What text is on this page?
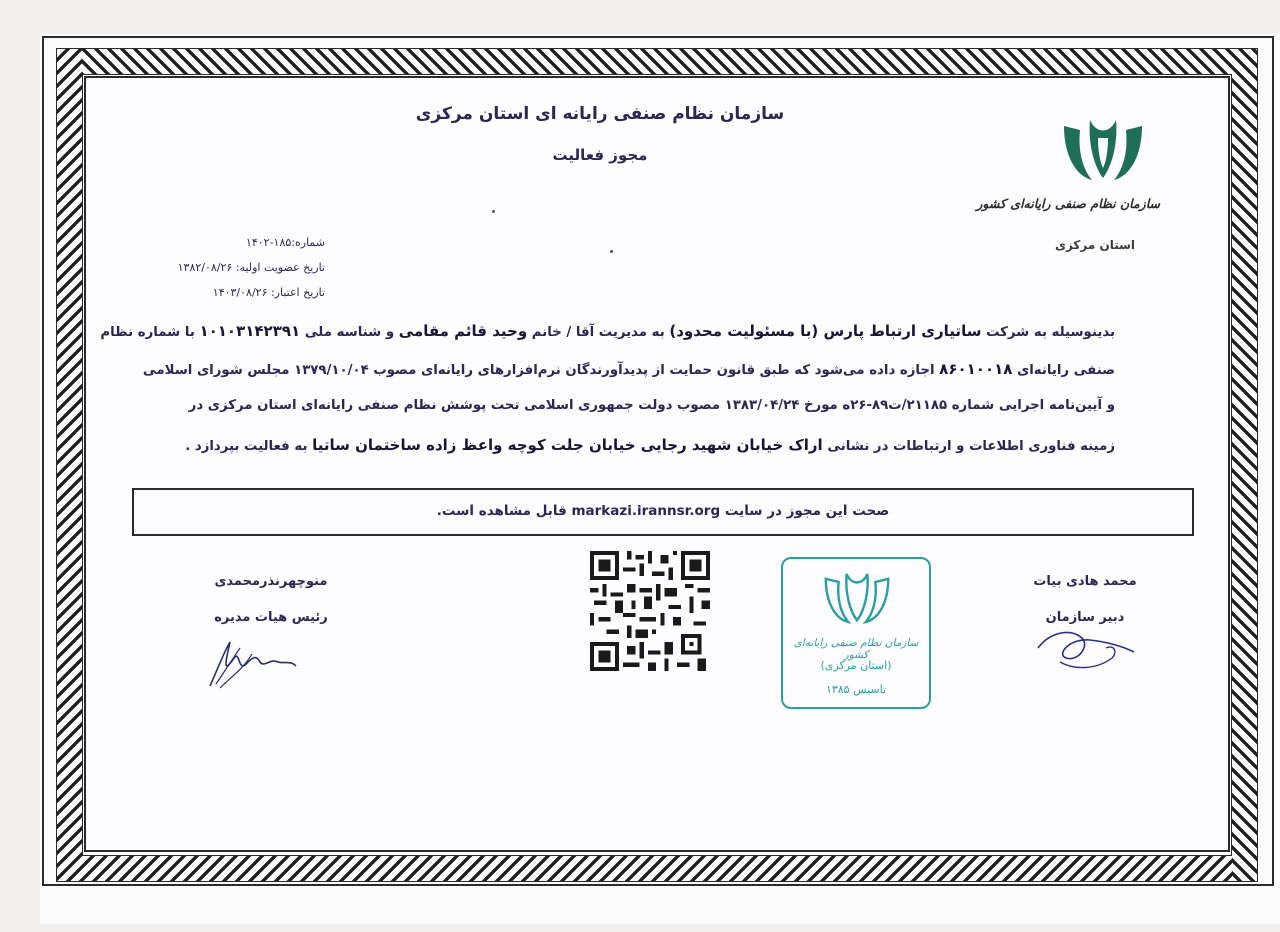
سازمان نظام صنفی رایانه ای استان مرکزی
مجوز فعالیت
سازمان نظام صنفی رایانه‌ای کشور
استان مرکزی
شماره:۱۸۵-۱۴۰۲
تاریخ عضویت اولیه: ۱۳۸۲/۰۸/۲۶
تاریخ اعتبار: ۱۴۰۳/۰۸/۲۶
بدینوسیله به شرکت ساتیاری ارتباط پارس (با مسئولیت محدود) به مدیریت آقا / خانم وحید قائم مقامی و شناسه ملی ۱۰۱۰۳۱۴۲۳۹۱ با شماره نظام
صنفی رایانه‌ای ۸۶۰۱۰۰۱۸ اجازه داده می‌شود که طبق قانون حمایت از پدیدآورندگان نرم‌افزارهای رایانه‌ای مصوب ۱۳۷۹/۱۰/۰۴ مجلس شورای اسلامی
و آیین‌نامه اجرایی شماره ۲۱۱۸۵/ت۸۹-۲۶ه مورخ ۱۳۸۳/۰۴/۲۴ مصوب دولت جمهوری اسلامی تحت پوشش نظام صنفی رایانه‌ای استان مرکزی در
زمینه فناوری اطلاعات و ارتباطات در نشانی اراک خیابان شهید رجایی خیابان جلت کوچه واعظ زاده ساختمان ساتیا به فعالیت بپردازد .
صحت این مجوز در سایت markazi.irannsr.org قابل مشاهده است.
منوچهرنذرمحمدی
رئیس هیات مدیره
سازمان نظام صنفی رایانه‌ای کشور
(استان مرکزی)
تاسیس ۱۳۸۵
محمد هادی بیات
دبیر سازمان
